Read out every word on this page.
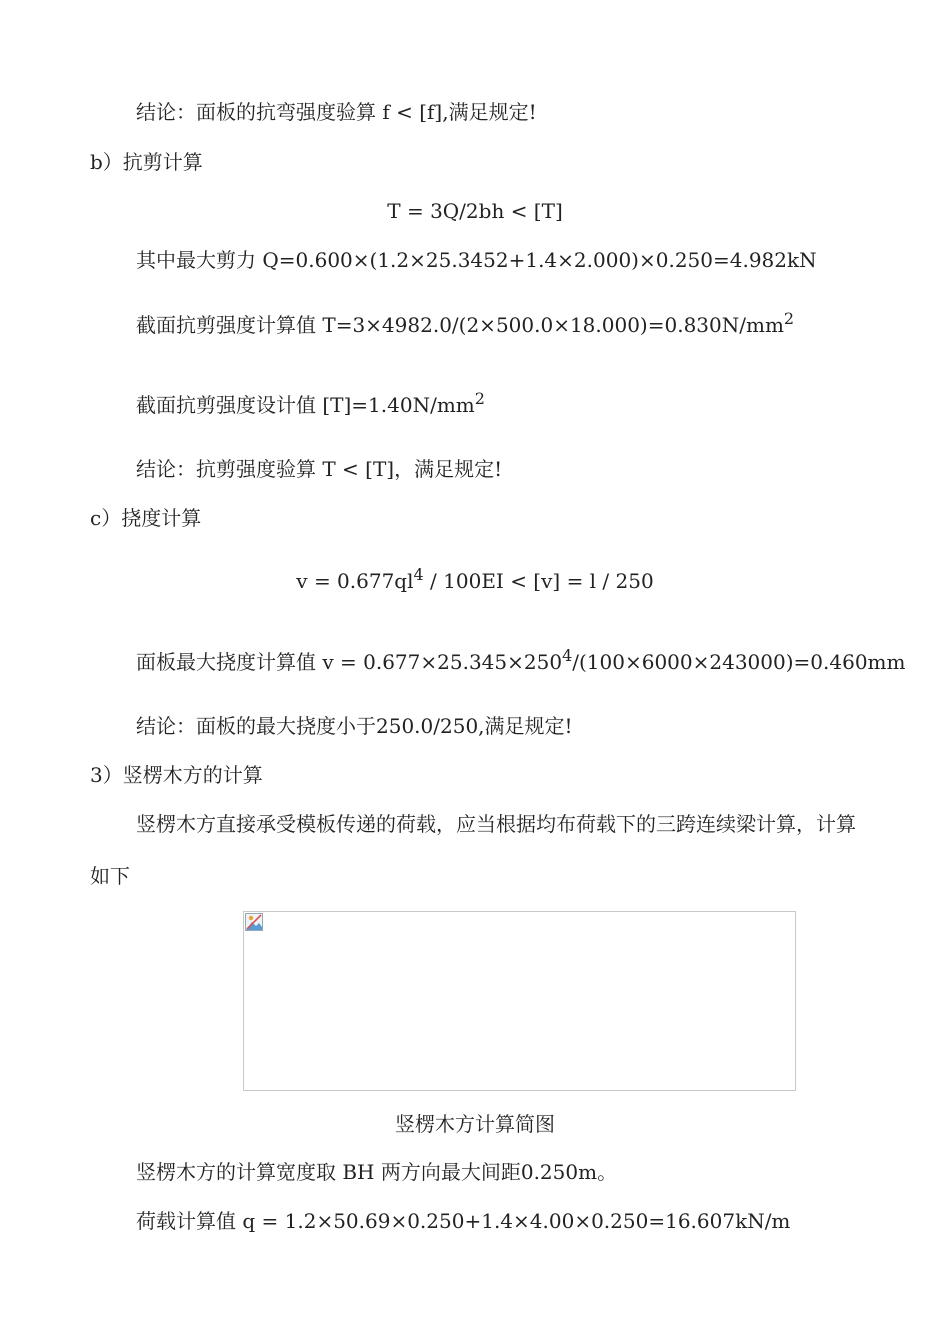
结论：面板的抗弯强度验算 f < [f],满足规定!
b）抗剪计算
T = 3Q/2bh < [T]
其中最大剪力 Q=0.600×(1.2×25.3452+1.4×2.000)×0.250=4.982kN
截面抗剪强度计算值 $T=3\times 4982.0/(2\times 500.0\times 18.000)=0.830N/mm^2$
截面抗剪强度设计值 $[T]=1.40N/mm^2$
结论：抗剪强度验算 T < [T]，满足规定!
c）挠度计算
$v = 0.677ql^4 / 100EI < [v] = l / 250$
面板最大挠度计算值 $v = 0.677\times 25.345\times 250^4/(100\times 6000\times 243000)=0.460mm$
结论：面板的最大挠度小于250.0/250,满足规定!
3）竖楞木方的计算
竖楞木方直接承受模板传递的荷载，应当根据均布荷载下的三跨连续梁计算，计算
如下
竖楞木方计算简图
竖楞木方的计算宽度取 BH 两方向最大间距0.250m。
荷载计算值 q = 1.2×50.69×0.250+1.4×4.00×0.250=16.607kN/m
